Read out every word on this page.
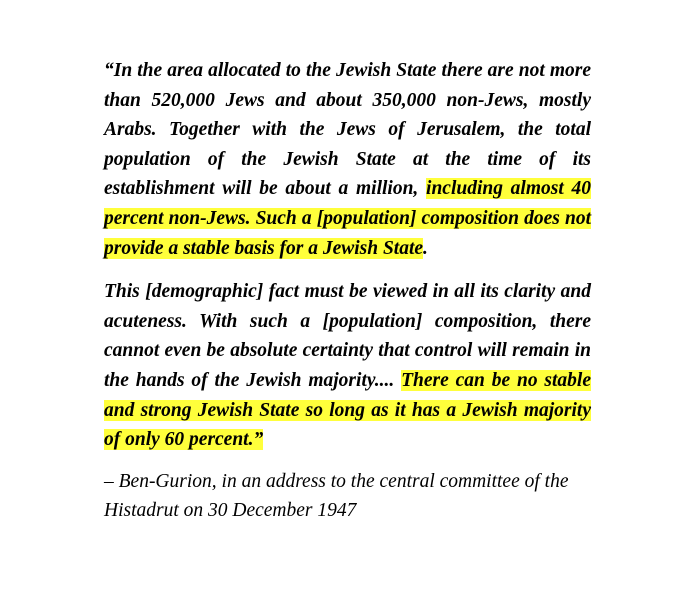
“In the area allocated to the Jewish State there are not more than 520,000 Jews and about 350,000 non-Jews, mostly Arabs. Together with the Jews of Jerusalem, the total population of the Jewish State at the time of its establishment will be about a million, including almost 40 percent non-Jews. Such a [population] composition does not provide a stable basis for a Jewish State.

This [demographic] fact must be viewed in all its clarity and acuteness. With such a [population] composition, there cannot even be absolute certainty that control will remain in the hands of the Jewish majority.... There can be no stable and strong Jewish State so long as it has a Jewish majority of only 60 percent.”

– Ben-Gurion, in an address to the central committee of the Histadrut on 30 December 1947
